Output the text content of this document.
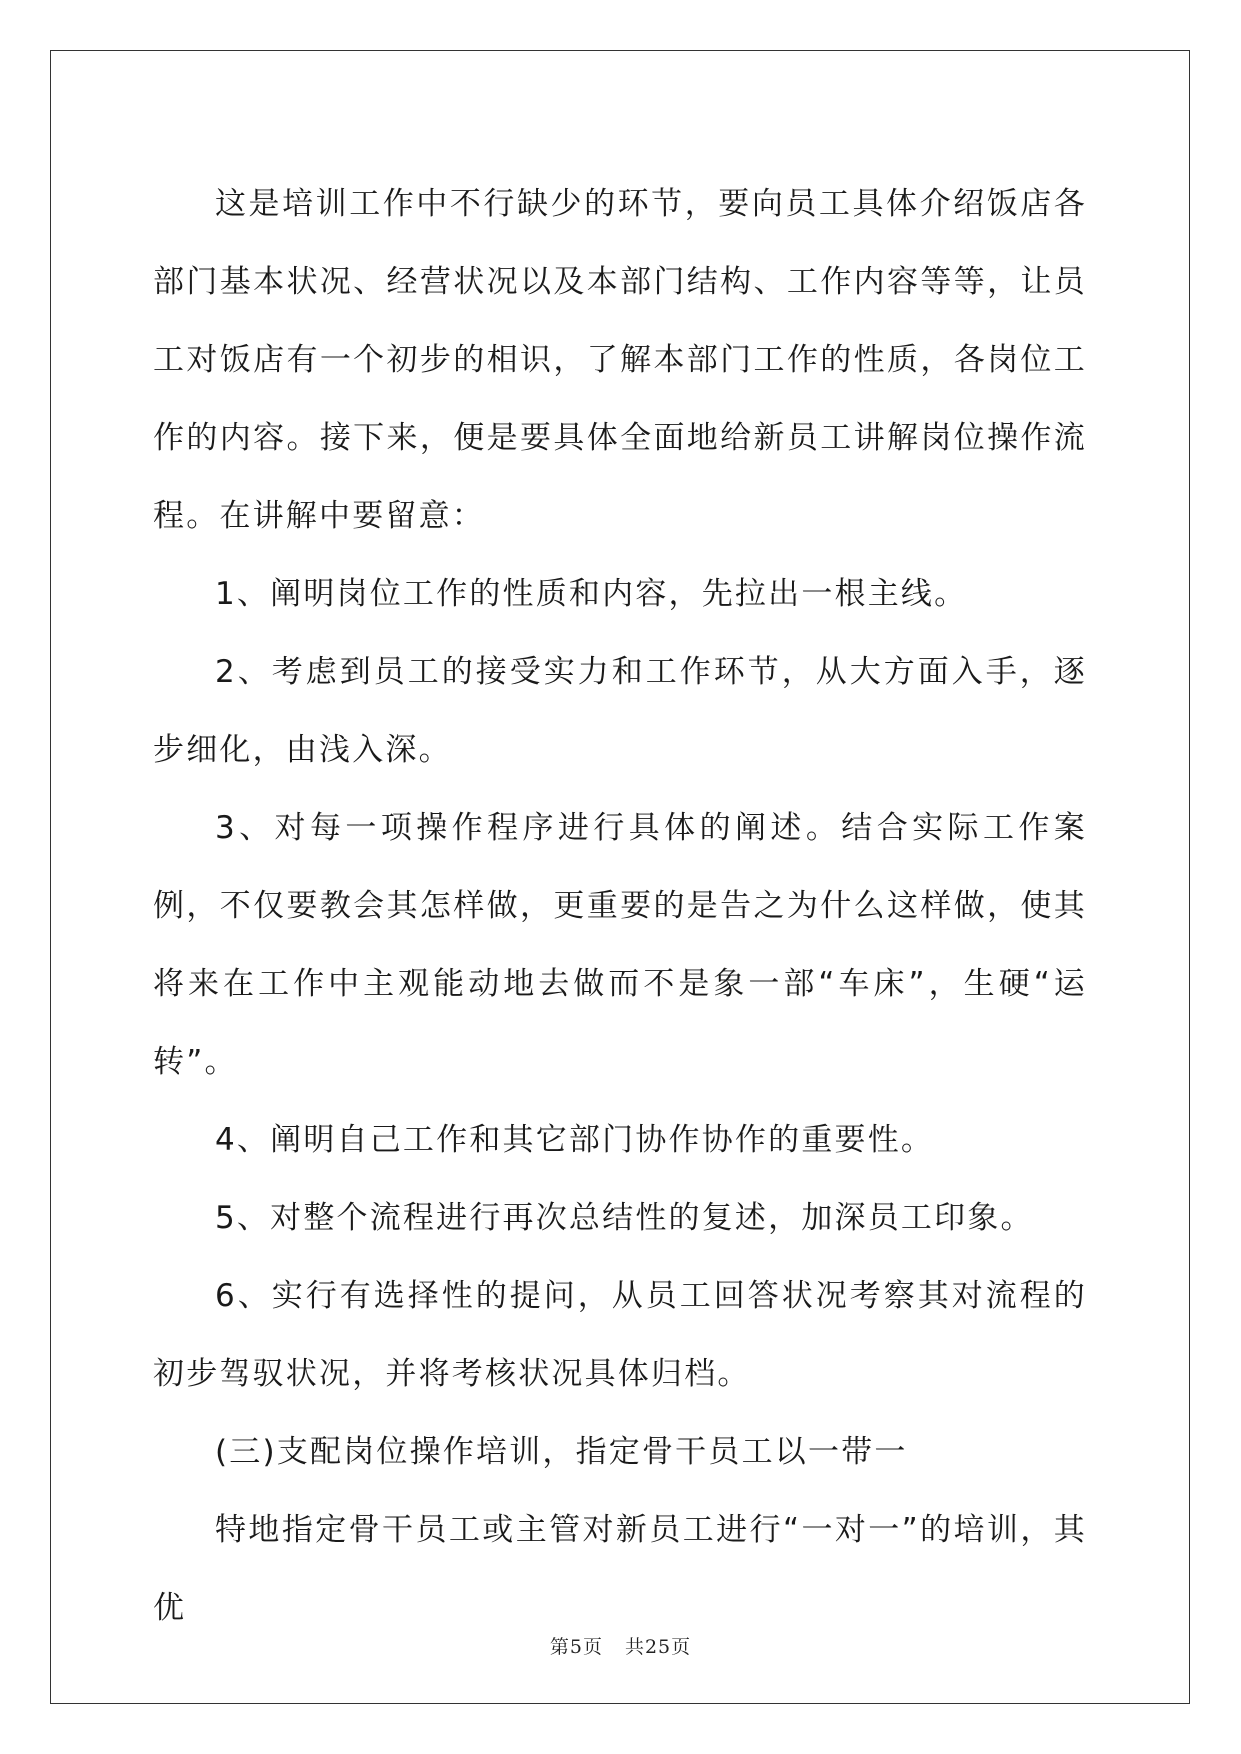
这是培训工作中不行缺少的环节，要向员工具体介绍饭店各部门基本状况、经营状况以及本部门结构、工作内容等等，让员工对饭店有一个初步的相识，了解本部门工作的性质，各岗位工作的内容。接下来，便是要具体全面地给新员工讲解岗位操作流程。在讲解中要留意：

1、阐明岗位工作的性质和内容，先拉出一根主线。

2、考虑到员工的接受实力和工作环节，从大方面入手，逐步细化，由浅入深。

3、对每一项操作程序进行具体的阐述。结合实际工作案例，不仅要教会其怎样做，更重要的是告之为什么这样做，使其将来在工作中主观能动地去做而不是象一部“车床”，生硬“运转”。

4、阐明自己工作和其它部门协作协作的重要性。

5、对整个流程进行再次总结性的复述，加深员工印象。

6、实行有选择性的提问，从员工回答状况考察其对流程的初步驾驭状况，并将考核状况具体归档。

(三)支配岗位操作培训，指定骨干员工以一带一

特地指定骨干员工或主管对新员工进行“一对一”的培训，其优

第5页 共25页
